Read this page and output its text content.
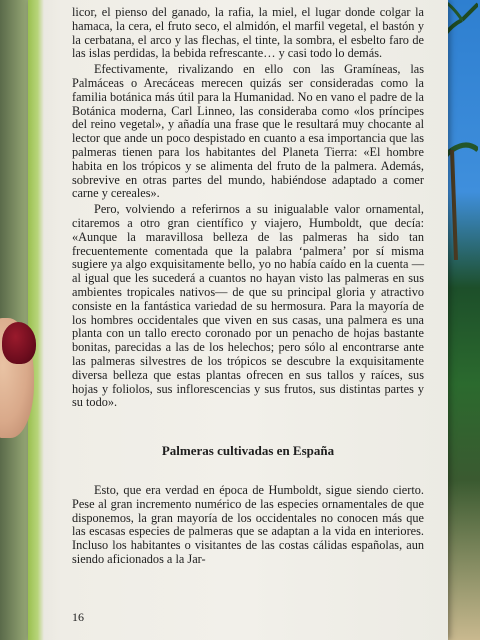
licor, el pienso del ganado, la rafia, la miel, el lugar donde colgar la hamaca, la cera, el fruto seco, el almidón, el marfil vegetal, el bastón y la cerbatana, el arco y las flechas, el tinte, la sombra, el esbelto faro de las islas perdidas, la bebida refrescante… y casi todo lo demás.

Efectivamente, rivalizando en ello con las Gramíneas, las Palmáceas o Arecáceas merecen quizás ser consideradas como la familia botánica más útil para la Humanidad. No en vano el padre de la Botánica moderna, Carl Linneo, las consideraba como «los príncipes del reino vegetal», y añadía una frase que le resultará muy chocante al lector que ande un poco despistado en cuanto a esa importancia que las palmeras tienen para los habitantes del Planeta Tierra: «El hombre habita en los trópicos y se alimenta del fruto de la palmera. Además, sobrevive en otras partes del mundo, habiéndose adaptado a comer carne y cereales».

Pero, volviendo a referirnos a su inigualable valor ornamental, citaremos a otro gran científico y viajero, Humboldt, que decía: «Aunque la maravillosa belleza de las palmeras ha sido tan frecuentemente comentada que la palabra ‘palmera’ por sí misma sugiere ya algo exquisitamente bello, yo no había caído en la cuenta —al igual que les sucederá a cuantos no hayan visto las palmeras en sus ambientes tropicales nativos— de que su principal gloria y atractivo consiste en la fantástica variedad de su hermosura. Para la mayoría de los hombres occidentales que viven en sus casas, una palmera es una planta con un tallo erecto coronado por un penacho de hojas bastante bonitas, parecidas a las de los helechos; pero sólo al encontrarse ante las palmeras silvestres de los trópicos se descubre la exquisitamente diversa belleza que estas plantas ofrecen en sus tallos y raíces, sus hojas y foliolos, sus inflorescencias y sus frutos, sus distintas partes y su todo».

Palmeras cultivadas en España

Esto, que era verdad en época de Humboldt, sigue siendo cierto. Pese al gran incremento numérico de las especies ornamentales de que disponemos, la gran mayoría de los occidentales no conocen más que las escasas especies de palmeras que se adaptan a la vida en interiores. Incluso los habitantes o visitantes de las costas cálidas españolas, aun siendo aficionados a la Jar-

16
